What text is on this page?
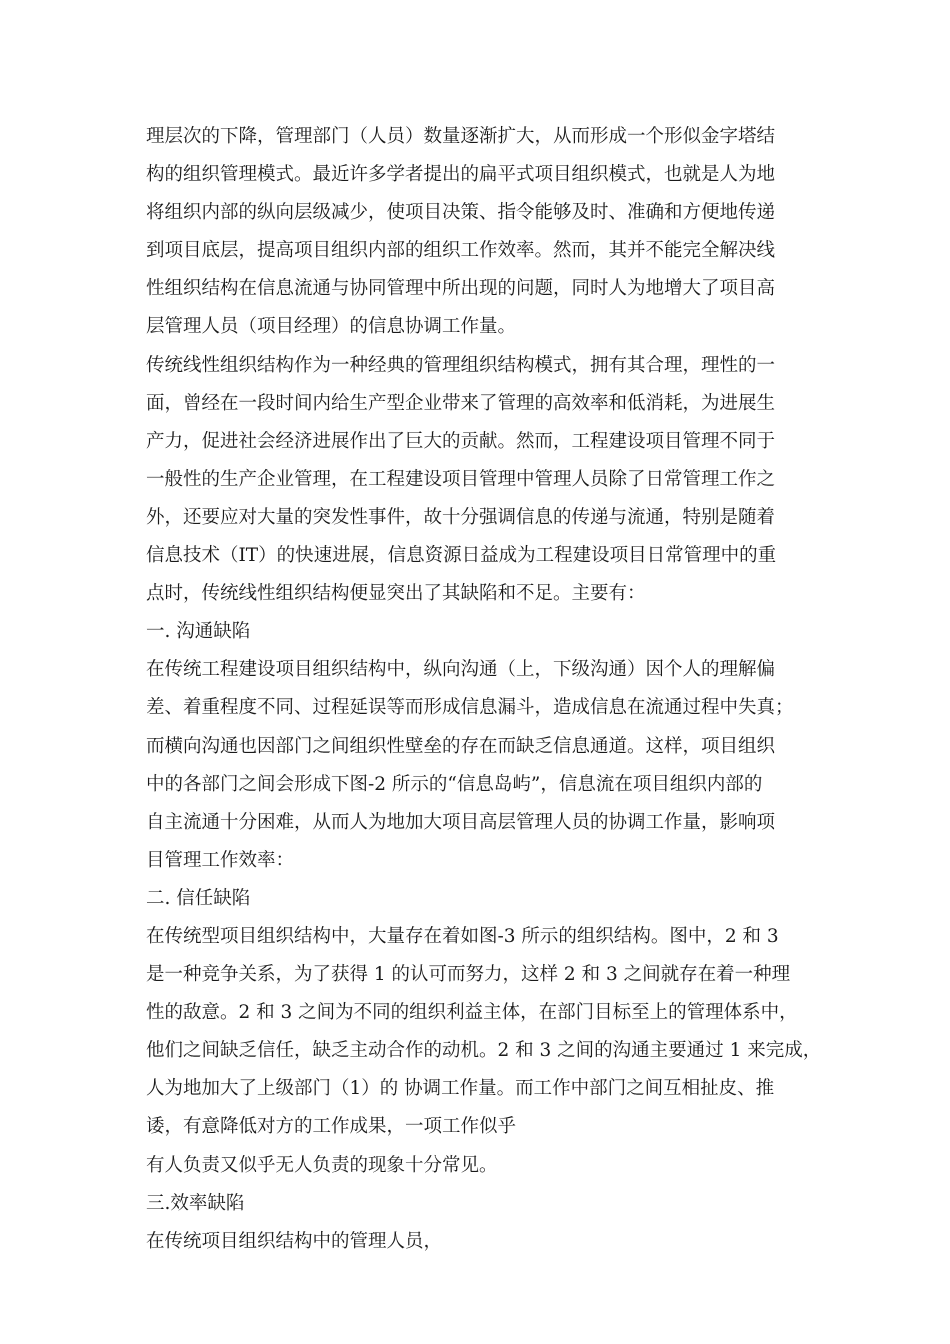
理层次的下降，管理部门（人员）数量逐渐扩大，从而形成一个形似金字塔结
构的组织管理模式。最近许多学者提出的扁平式项目组织模式，也就是人为地
将组织内部的纵向层级减少，使项目决策、指令能够及时、准确和方便地传递
到项目底层，提高项目组织内部的组织工作效率。然而，其并不能完全解决线
性组织结构在信息流通与协同管理中所出现的问题，同时人为地增大了项目高
层管理人员（项目经理）的信息协调工作量。
传统线性组织结构作为一种经典的管理组织结构模式，拥有其合理，理性的一
面，曾经在一段时间内给生产型企业带来了管理的高效率和低消耗，为进展生
产力，促进社会经济进展作出了巨大的贡献。然而，工程建设项目管理不同于
一般性的生产企业管理，在工程建设项目管理中管理人员除了日常管理工作之
外，还要应对大量的突发性事件，故十分强调信息的传递与流通，特别是随着
信息技术（IT）的快速进展，信息资源日益成为工程建设项目日常管理中的重
点时，传统线性组织结构便显突出了其缺陷和不足。主要有：
一. 沟通缺陷
在传统工程建设项目组织结构中，纵向沟通（上，下级沟通）因个人的理解偏
差、着重程度不同、过程延误等而形成信息漏斗，造成信息在流通过程中失真；
而横向沟通也因部门之间组织性壁垒的存在而缺乏信息通道。这样，项目组织
中的各部门之间会形成下图-2 所示的“信息岛屿”，信息流在项目组织内部的
自主流通十分困难，从而人为地加大项目高层管理人员的协调工作量，影响项
目管理工作效率：
二. 信任缺陷
在传统型项目组织结构中，大量存在着如图-3 所示的组织结构。图中，2 和 3
是一种竞争关系，为了获得 1 的认可而努力，这样 2 和 3 之间就存在着一种理
性的敌意。2 和 3 之间为不同的组织利益主体，在部门目标至上的管理体系中，
他们之间缺乏信任，缺乏主动合作的动机。2 和 3 之间的沟通主要通过 1 来完成，
人为地加大了上级部门（1）的 协调工作量。而工作中部门之间互相扯皮、推
诿，有意降低对方的工作成果，一项工作似乎
有人负责又似乎无人负责的现象十分常见。
三.效率缺陷
在传统项目组织结构中的管理人员，
